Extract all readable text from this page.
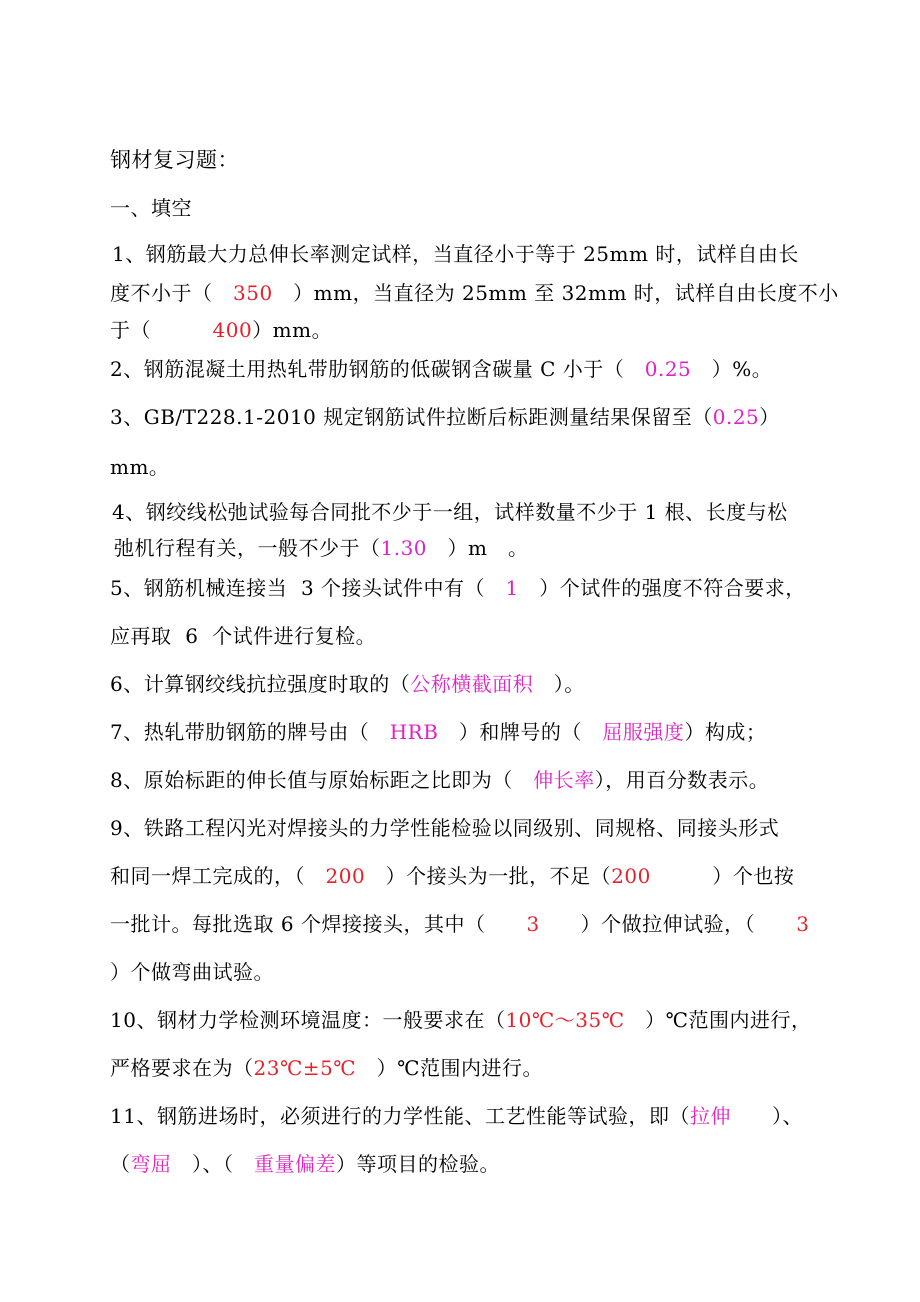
钢材复习题：
一、填空
1、钢筋最大力总伸长率测定试样，当直径小于等于 25mm 时，试样自由长
度不小于（　350　）mm，当直径为 25mm 至 32mm 时，试样自由长度不小
于（　　　400）mm。
2、钢筋混凝土用热轧带肋钢筋的低碳钢含碳量 C 小于（　0.25　）%。
3、GB/T228.1-2010 规定钢筋试件拉断后标距测量结果保留至（0.25）
mm。
4、钢绞线松弛试验每合同批不少于一组，试样数量不少于 1 根、长度与松
弛机行程有关，一般不少于（1.30　）m　。
5、钢筋机械连接当  3 个接头试件中有（　1　）个试件的强度不符合要求，
应再取  6  个试件进行复检。
6、计算钢绞线抗拉强度时取的（公称横截面积　）。
7、热轧带肋钢筋的牌号由（　HRB　）和牌号的（　屈服强度）构成；
8、原始标距的伸长值与原始标距之比即为（　伸长率），用百分数表示。
9、铁路工程闪光对焊接头的力学性能检验以同级别、同规格、同接头形式
和同一焊工完成的，（　200　）个接头为一批，不足（200　　　）个也按
一批计。每批选取 6 个焊接接头，其中（　　3　　）个做拉伸试验，（　　3
）个做弯曲试验。
10、钢材力学检测环境温度：一般要求在（10℃～35℃　）℃范围内进行，
严格要求在为（23℃±5℃　）℃范围内进行。
11、钢筋进场时，必须进行的力学性能、工艺性能等试验，即（拉伸　　）、
（弯屈　）、（　重量偏差）等项目的检验。
